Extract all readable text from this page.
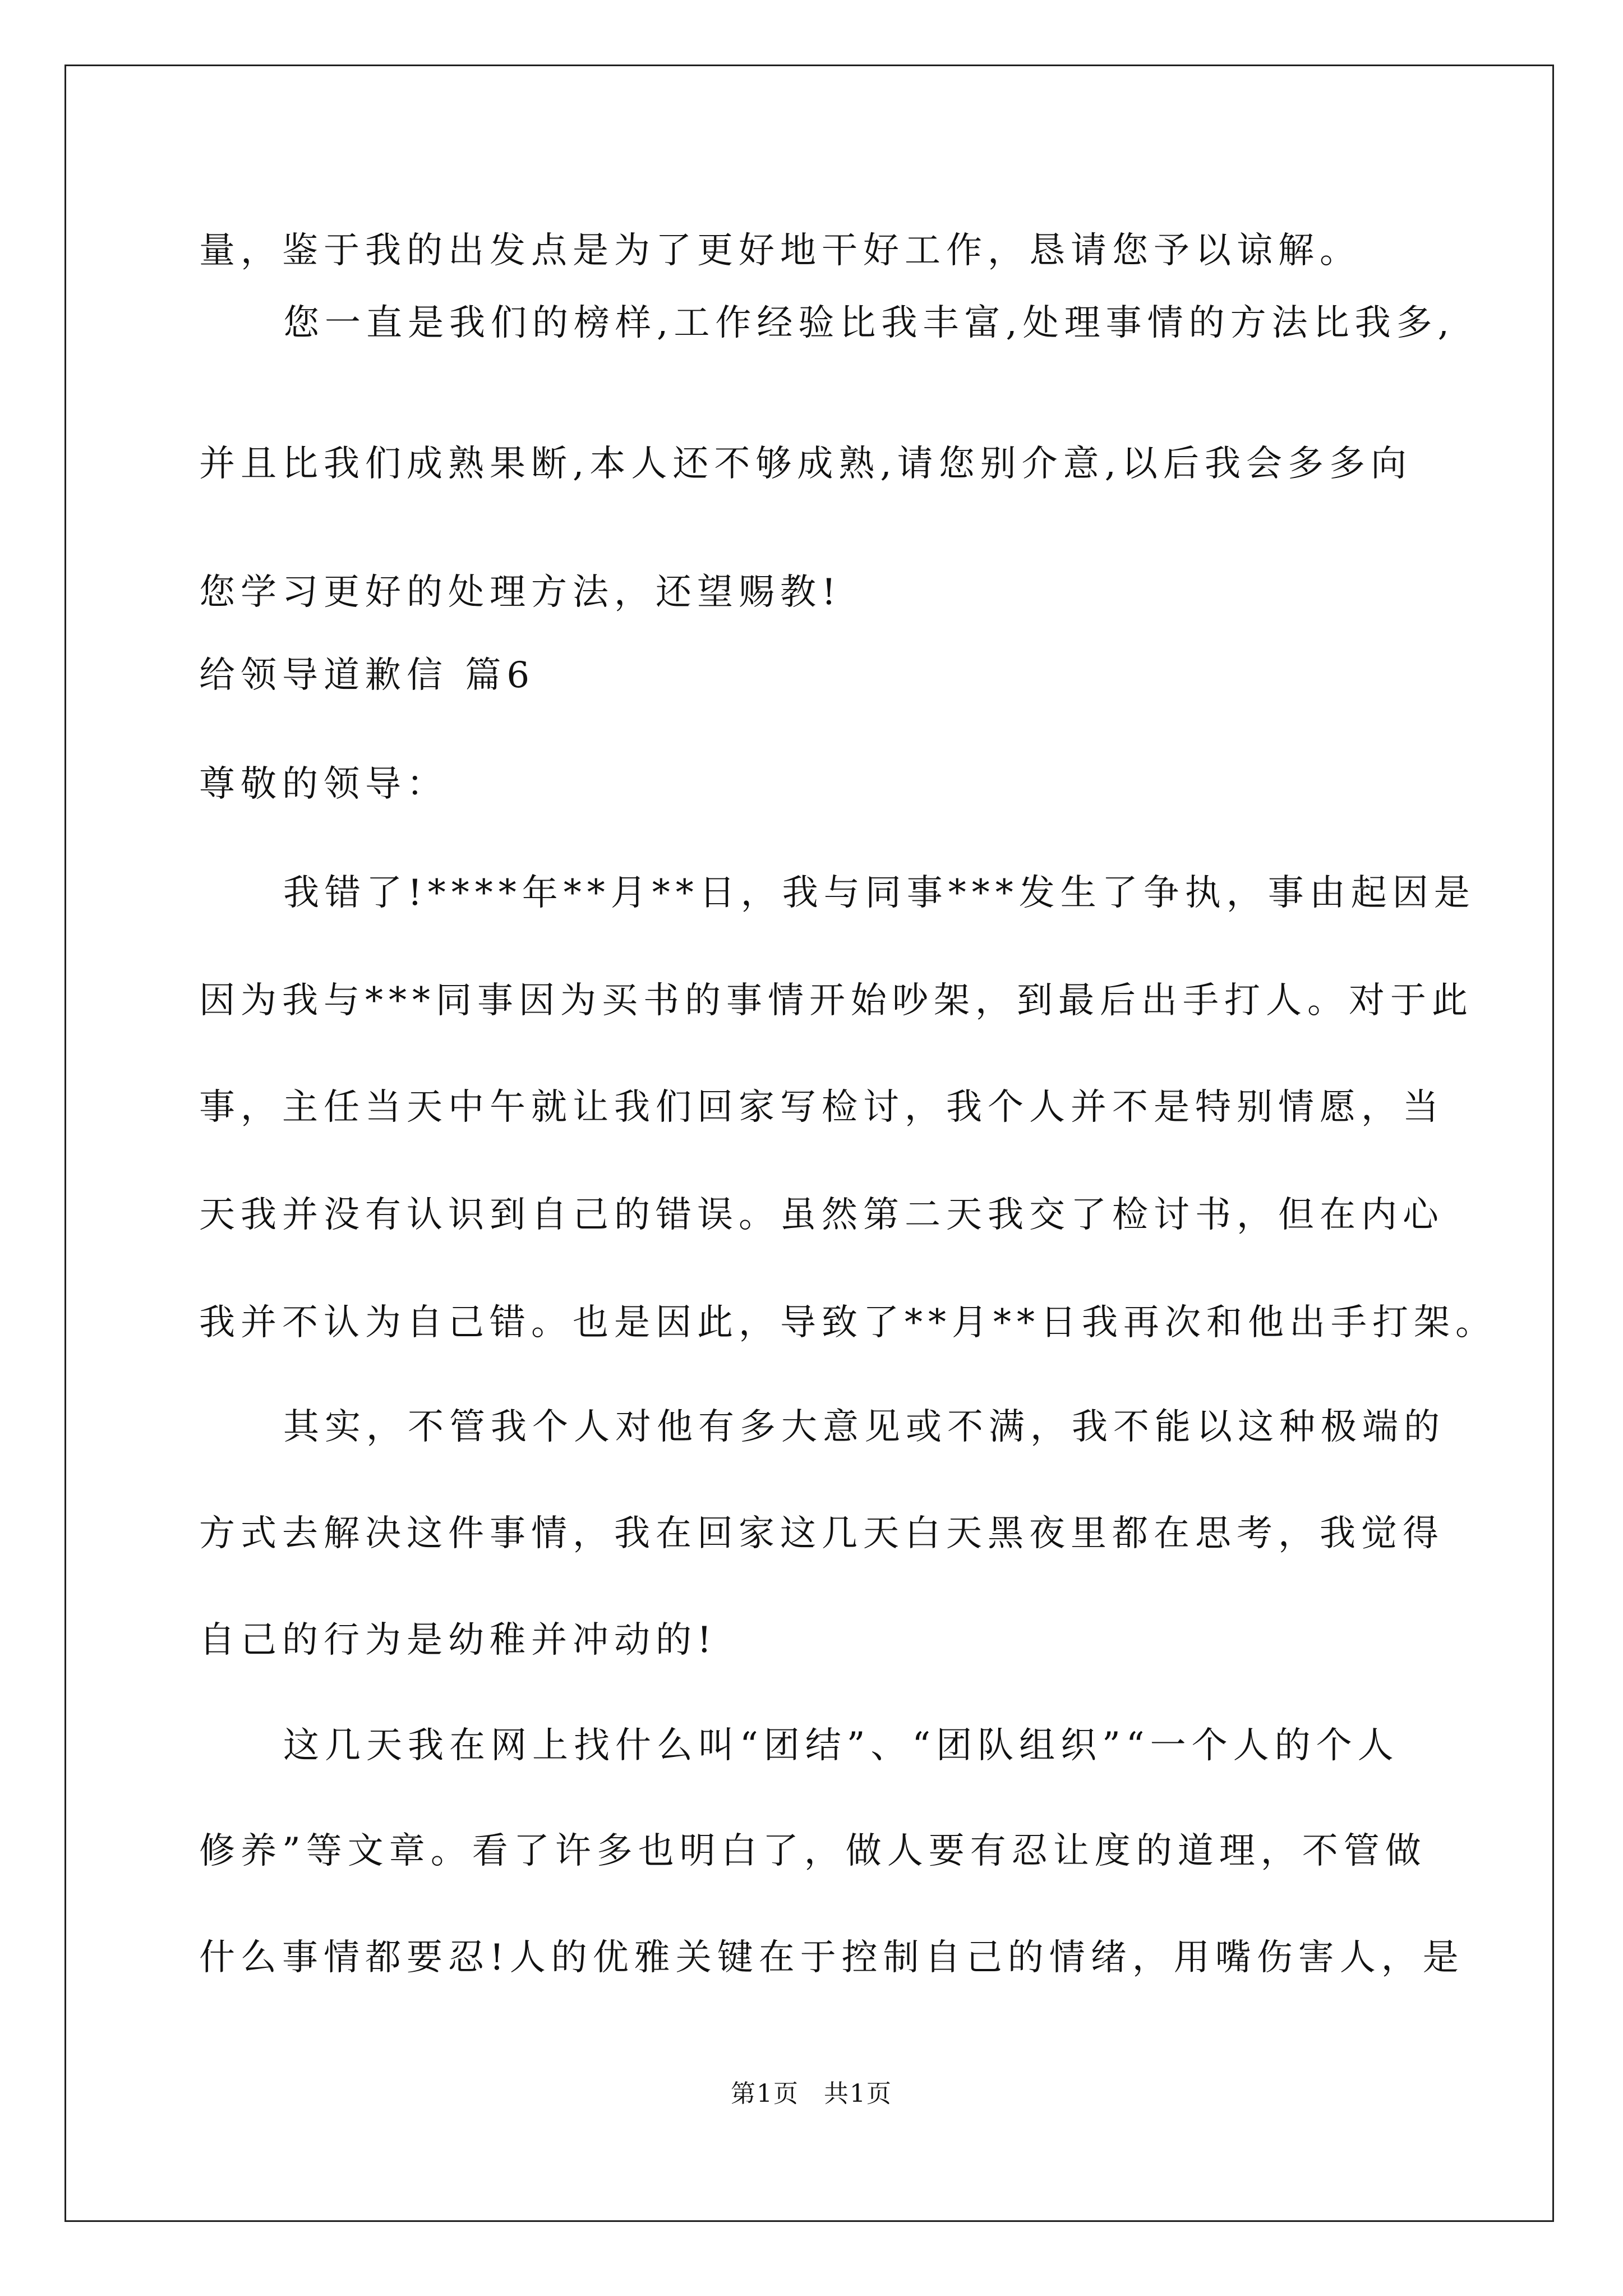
量，鉴于我的出发点是为了更好地干好工作，恳请您予以谅解。
您一直是我们的榜样,工作经验比我丰富,处理事情的方法比我多,
并且比我们成熟果断,本人还不够成熟,请您别介意,以后我会多多向
您学习更好的处理方法，还望赐教!
给领导道歉信 篇6
尊敬的领导：
我错了!****年**月**日，我与同事***发生了争执，事由起因是
因为我与***同事因为买书的事情开始吵架，到最后出手打人。对于此
事，主任当天中午就让我们回家写检讨，我个人并不是特别情愿，当
天我并没有认识到自己的错误。虽然第二天我交了检讨书，但在内心
我并不认为自己错。也是因此，导致了**月**日我再次和他出手打架。
其实，不管我个人对他有多大意见或不满，我不能以这种极端的
方式去解决这件事情，我在回家这几天白天黑夜里都在思考，我觉得
自己的行为是幼稚并冲动的!
这几天我在网上找什么叫“团结”、“团队组织”“一个人的个人
修养”等文章。看了许多也明白了，做人要有忍让度的道理，不管做
什么事情都要忍!人的优雅关键在于控制自己的情绪，用嘴伤害人，是
第1页 共1页
